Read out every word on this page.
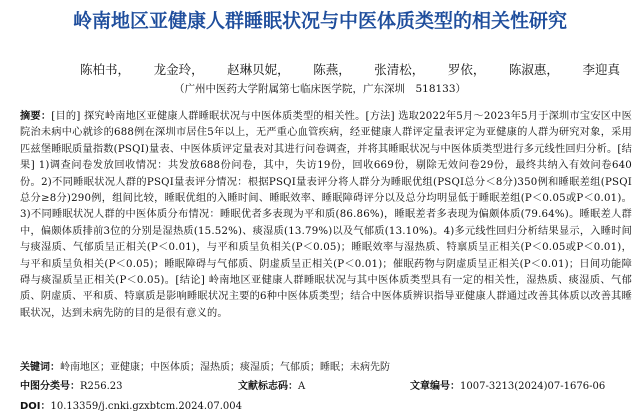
岭南地区亚健康人群睡眠状况与中医体质类型的相关性研究
陈柏书， 龙金玲， 赵琳贝妮， 陈燕， 张清松， 罗依， 陈淑惠， 李迎真
（广州中医药大学附属第七临床医学院，广东深圳　518133）
摘要：[目的] 探究岭南地区亚健康人群睡眠状况与中医体质类型的相关性。[方法] 选取2022年5月～2023年5月于深圳市宝安区中医院治未病中心就诊的688例在深圳市居住5年以上，无严重心血管疾病，经亚健康人群评定量表评定为亚健康的人群为研究对象，采用匹兹堡睡眠质量指数(PSQI)量表、中医体质评定量表对其进行问卷调查，并将其睡眠状况与中医体质类型进行多元线性回归分析。[结果] 1)调查问卷发放回收情况：共发放688份问卷，其中，失访19份，回收669份，剔除无效问卷29份，最终共纳入有效问卷640份。2)不同睡眠状况人群的PSQI量表评分情况：根据PSQI量表评分将人群分为睡眠优组(PSQI总分＜8分)350例和睡眠差组(PSQI总分≥8分)290例，组间比较，睡眠优组的入睡时间、睡眠效率、睡眠障碍评分以及总分均明显低于睡眠差组(P＜0.05或P＜0.01)。3)不同睡眠状况人群的中医体质分布情况：睡眠优者多表现为平和质(86.86%)，睡眠差者多表现为偏颇体质(79.64%)。睡眠差人群中，偏颇体质排前3位的分别是湿热质(15.52%)、痰湿质(13.79%)以及气郁质(13.10%)。4)多元线性回归分析结果显示，入睡时间与痰湿质、气郁质呈正相关(P＜0.01)，与平和质呈负相关(P＜0.05)；睡眠效率与湿热质、特禀质呈正相关(P＜0.05或P＜0.01)，与平和质呈负相关(P＜0.05)；睡眠障碍与气郁质、阴虚质呈正相关(P＜0.01)；催眠药物与阴虚质呈正相关(P＜0.01)；日间功能障碍与痰湿质呈正相关(P＜0.05)。[结论] 岭南地区亚健康人群睡眠状况与其中医体质类型具有一定的相关性，湿热质、痰湿质、气郁质、阴虚质、平和质、特禀质是影响睡眠状况主要的6种中医体质类型；结合中医体质辨识指导亚健康人群通过改善其体质以改善其睡眠状况，达到未病先防的目的是很有意义的。
关键词：岭南地区；亚健康；中医体质；湿热质；痰湿质；气郁质；睡眠；未病先防
中图分类号：R256.23	文献标志码：A	文章编号：1007-3213(2024)07-1676-06
DOI：10.13359/j.cnki.gzxbtcm.2024.07.004
